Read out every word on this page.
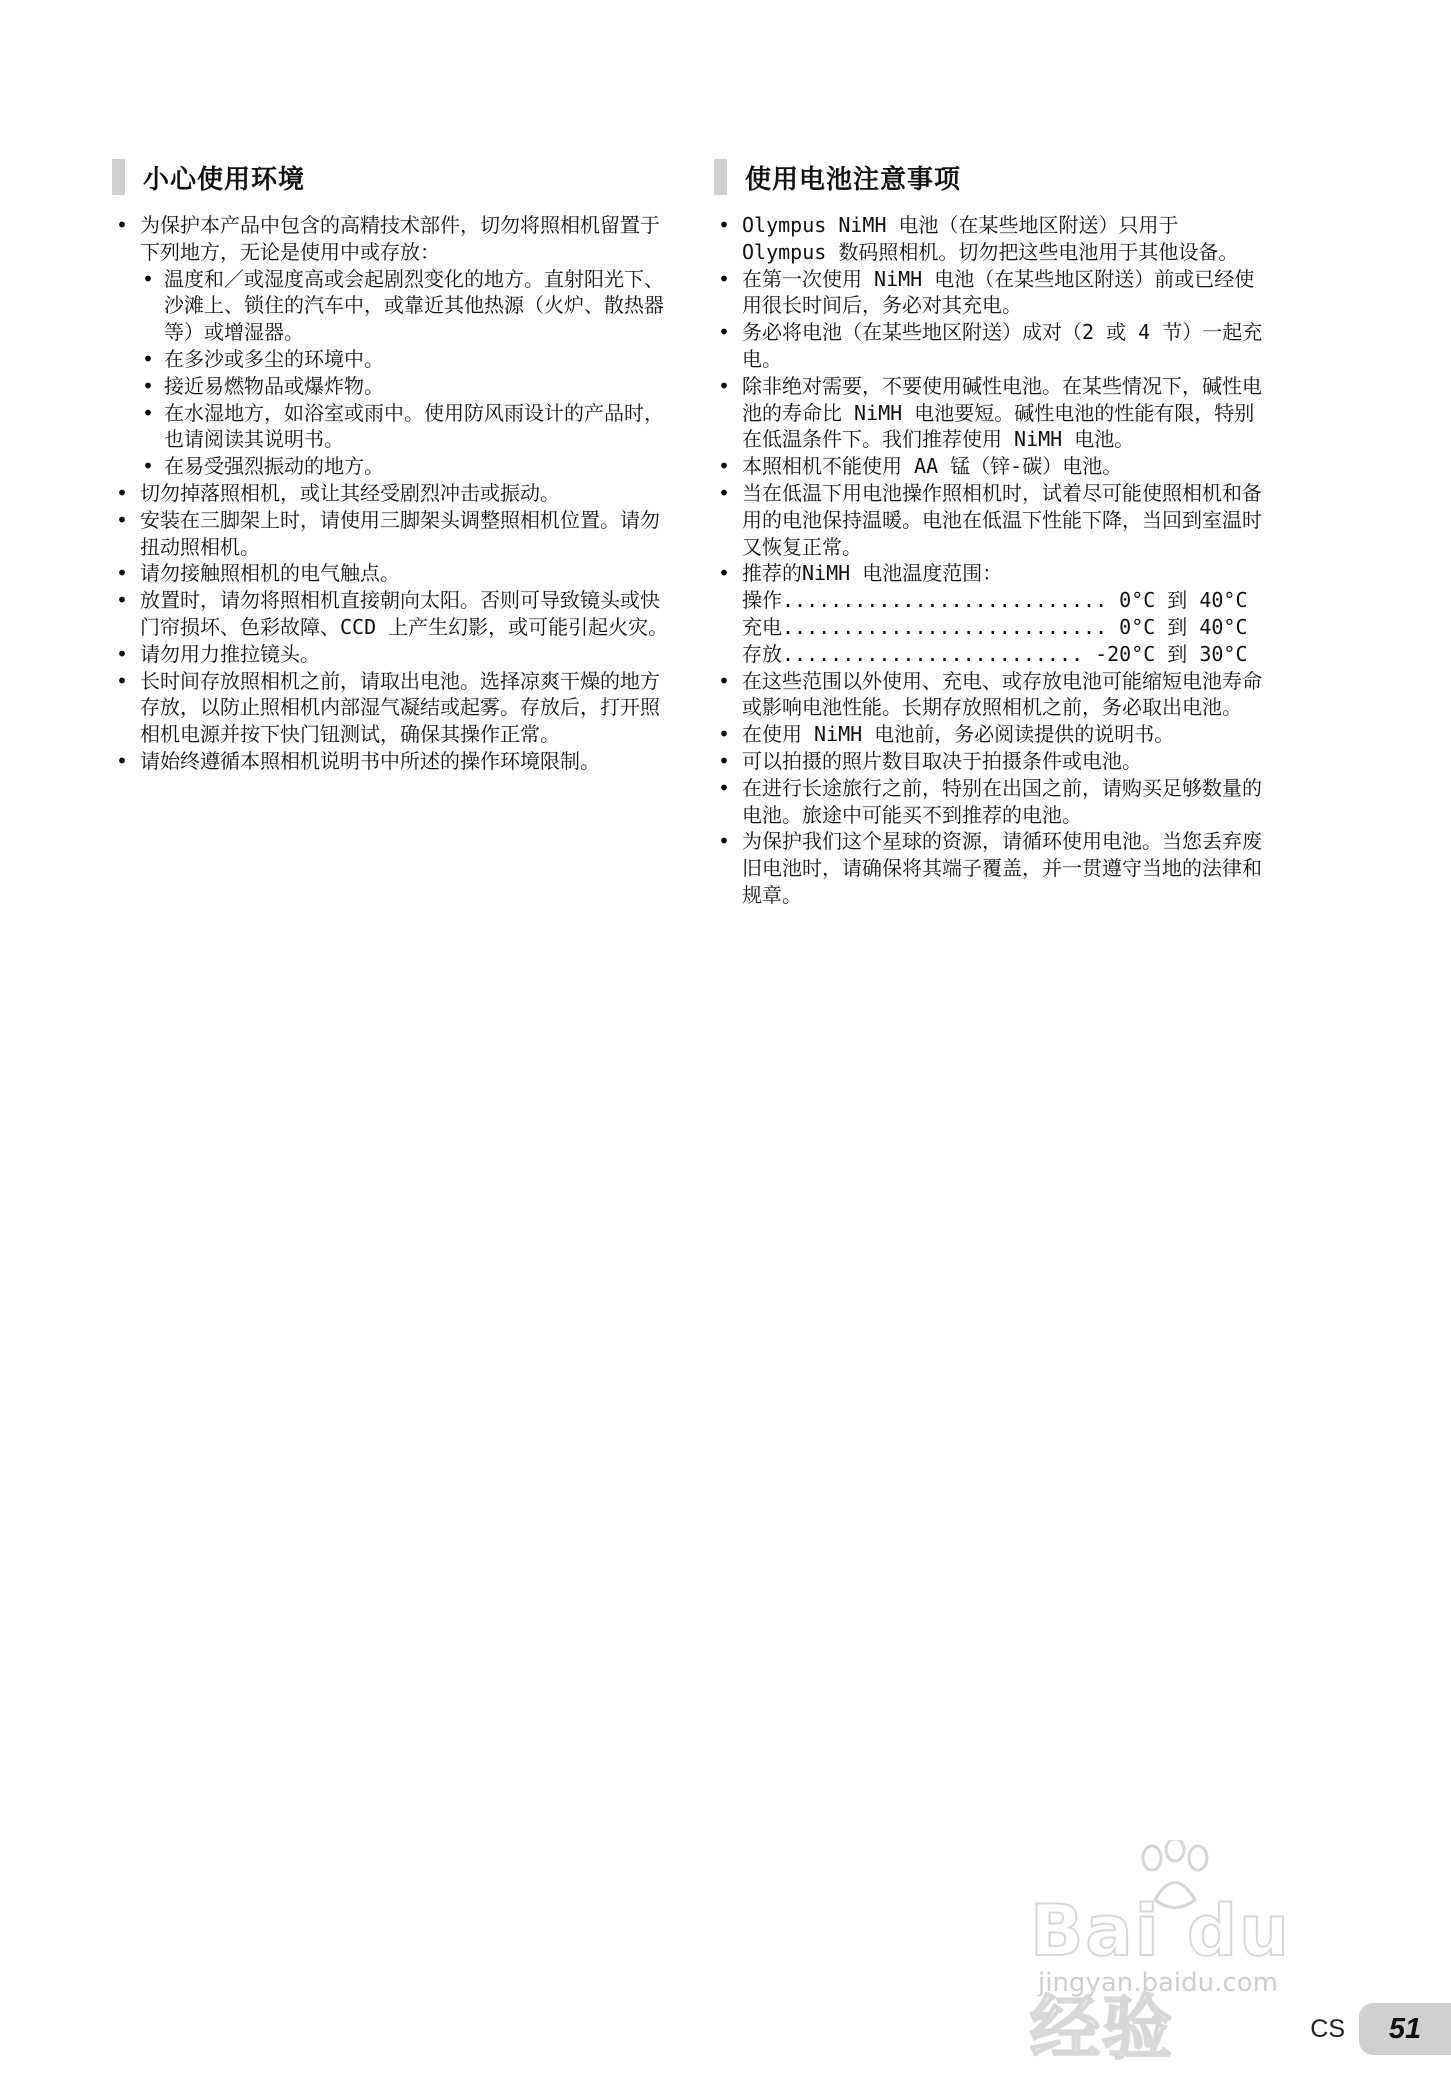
小心使用环境
• 为保护本产品中包含的高精技术部件，切勿将照相机留置于下列地方，无论是使用中或存放：
• 温度和／或湿度高或会起剧烈变化的地方。直射阳光下、沙滩上、锁住的汽车中，或靠近其他热源（火炉、散热器等）或增湿器。
• 在多沙或多尘的环境中。
• 接近易燃物品或爆炸物。
• 在水湿地方，如浴室或雨中。使用防风雨设计的产品时，也请阅读其说明书。
• 在易受强烈振动的地方。
• 切勿掉落照相机，或让其经受剧烈冲击或振动。
• 安装在三脚架上时，请使用三脚架头调整照相机位置。请勿扭动照相机。
• 请勿接触照相机的电气触点。
• 放置时，请勿将照相机直接朝向太阳。否则可导致镜头或快门帘损坏、色彩故障、CCD 上产生幻影，或可能引起火灾。
• 请勿用力推拉镜头。
• 长时间存放照相机之前，请取出电池。选择凉爽干燥的地方存放，以防止照相机内部湿气凝结或起雾。存放后，打开照相机电源并按下快门钮测试，确保其操作正常。
• 请始终遵循本照相机说明书中所述的操作环境限制。
使用电池注意事项
• Olympus NiMH 电池（在某些地区附送）只用于 Olympus 数码照相机。切勿把这些电池用于其他设备。
• 在第一次使用 NiMH 电池（在某些地区附送）前或已经使用很长时间后，务必对其充电。
• 务必将电池（在某些地区附送）成对（2 或 4 节）一起充电。
• 除非绝对需要，不要使用碱性电池。在某些情况下，碱性电池的寿命比 NiMH 电池要短。碱性电池的性能有限，特别在低温条件下。我们推荐使用 NiMH 电池。
• 本照相机不能使用 AA 锰（锌-碳）电池。
• 当在低温下用电池操作照相机时，试着尽可能使照相机和备用的电池保持温暖。电池在低温下性能下降，当回到室温时又恢复正常。
• 推荐的NiMH 电池温度范围：
操作........................... 0°C 到 40°C
充电........................... 0°C 到 40°C
存放......................... -20°C 到 30°C
• 在这些范围以外使用、充电、或存放电池可能缩短电池寿命或影响电池性能。长期存放照相机之前，务必取出电池。
• 在使用 NiMH 电池前，务必阅读提供的说明书。
• 可以拍摄的照片数目取决于拍摄条件或电池。
• 在进行长途旅行之前，特别在出国之前，请购买足够数量的电池。旅途中可能买不到推荐的电池。
• 为保护我们这个星球的资源，请循环使用电池。当您丢弃废旧电池时，请确保将其端子覆盖，并一贯遵守当地的法律和规章。
Bai du 经验
jingyan.baidu.com
CS	51
